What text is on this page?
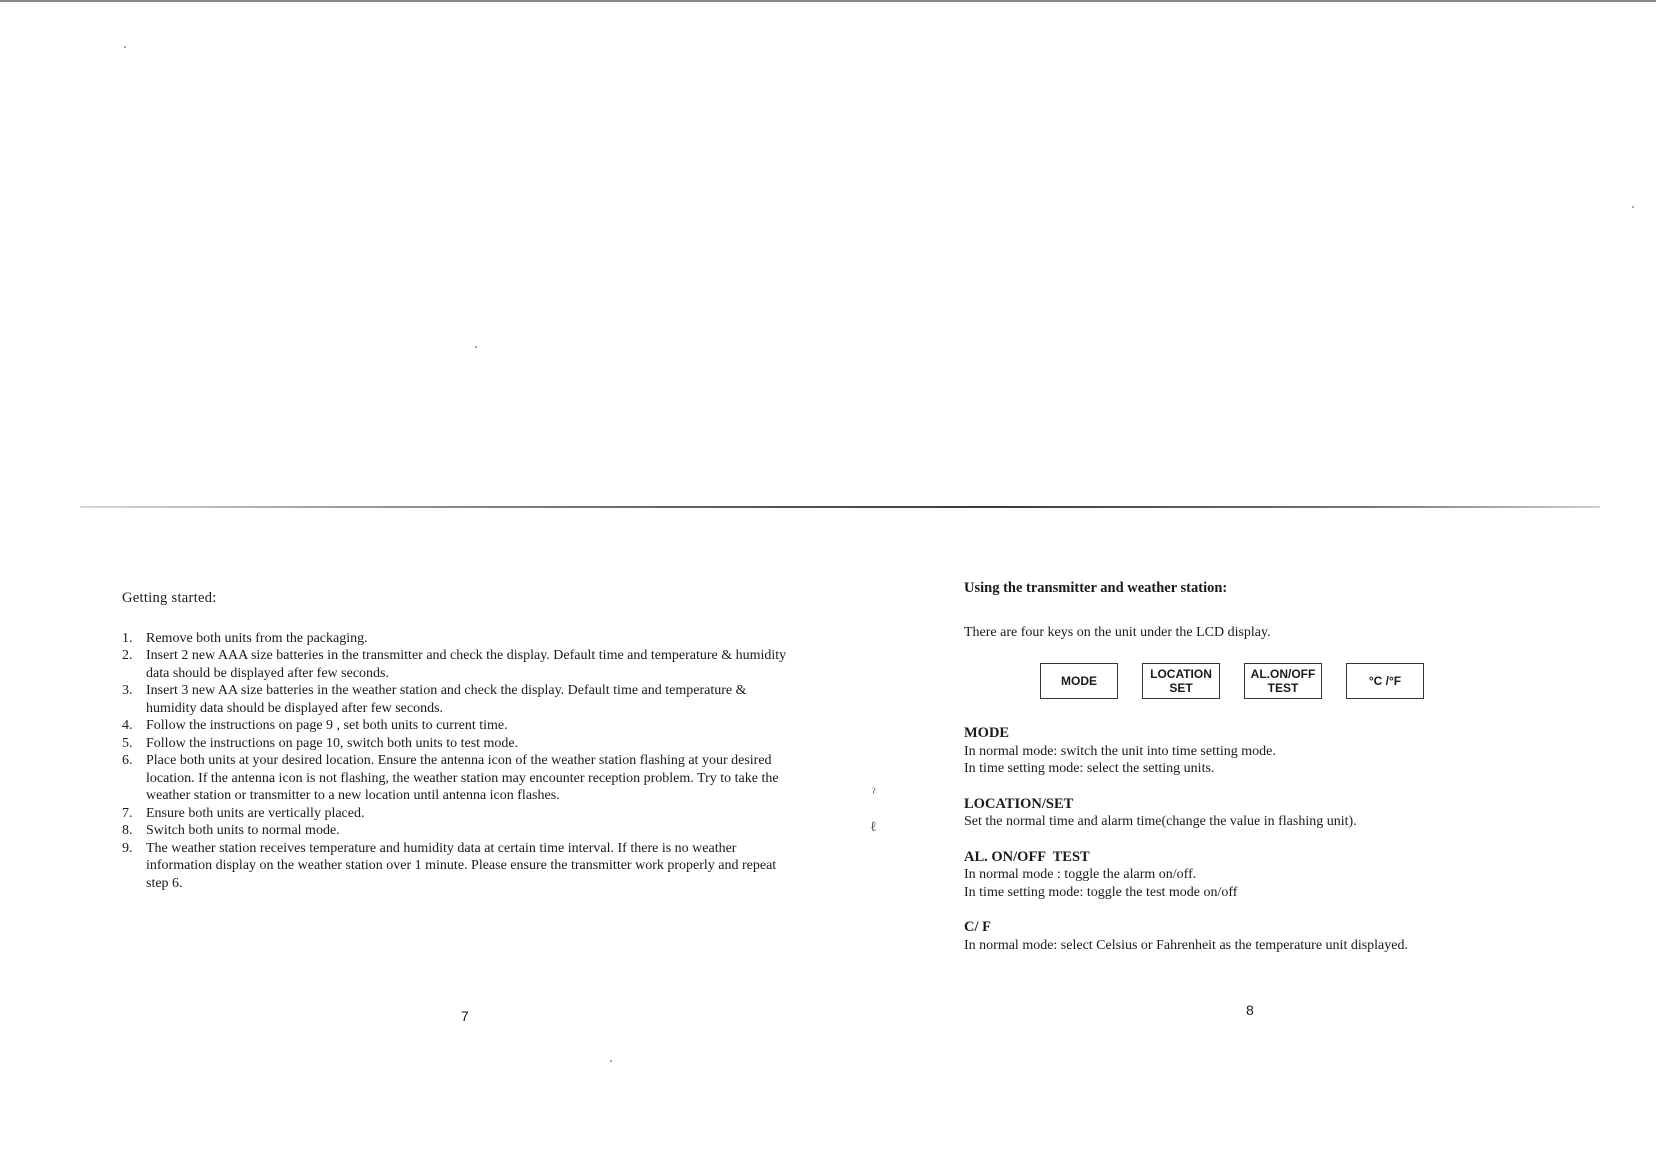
ˀ
ℓ

Getting started:

1. Remove both units from the packaging.
2. Insert 2 new AAA size batteries in the transmitter and check the display. Default time and temperature & humidity data should be displayed after few seconds.
3. Insert 3 new AA size batteries in the weather station and check the display. Default time and temperature & humidity data should be displayed after few seconds.
4. Follow the instructions on page 9 , set both units to current time.
5. Follow the instructions on page 10, switch both units to test mode.
6. Place both units at your desired location. Ensure the antenna icon of the weather station flashing at your desired location. If the antenna icon is not flashing, the weather station may encounter reception problem. Try to take the weather station or transmitter to a new location until antenna icon flashes.
7. Ensure both units are vertically placed.
8. Switch both units to normal mode.
9. The weather station receives temperature and humidity data at certain time interval. If there is no weather information display on the weather station over 1 minute. Please ensure the transmitter work properly and repeat step 6.
7

Using the transmitter and weather station:

There are four keys on the unit under the LCD display.

MODE	LOCATION
SET
AL.ON/OFF
TEST	°C /°F
MODE

In normal mode: switch the unit into time setting mode.

In time setting mode: select the setting units.

LOCATION/SET

Set the normal time and alarm time(change the value in flashing unit).

AL. ON/OFF  TEST

In normal mode : toggle the alarm on/off.

In time setting mode: toggle the test mode on/off

C/ F

In normal mode: select Celsius or Fahrenheit as the temperature unit displayed.

8
